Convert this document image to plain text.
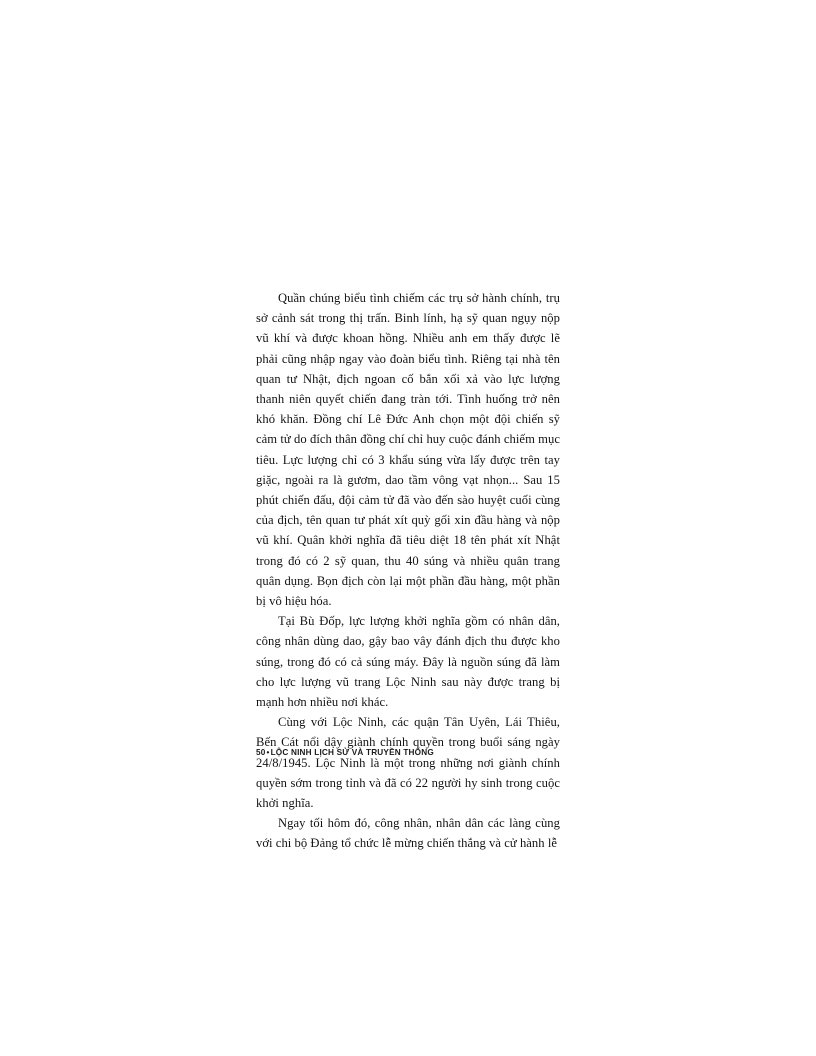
Quần chúng biểu tình chiếm các trụ sở hành chính, trụ sở cảnh sát trong thị trấn. Binh lính, hạ sỹ quan ngụy nộp vũ khí và được khoan hồng. Nhiều anh em thấy được lẽ phải cũng nhập ngay vào đoàn biểu tình. Riêng tại nhà tên quan tư Nhật, địch ngoan cố bắn xối xả vào lực lượng thanh niên quyết chiến đang tràn tới. Tình huống trở nên khó khăn. Đồng chí Lê Đức Anh chọn một đội chiến sỹ cảm tử do đích thân đồng chí chỉ huy cuộc đánh chiếm mục tiêu. Lực lượng chỉ có 3 khẩu súng vừa lấy được trên tay giặc, ngoài ra là gươm, dao tầm vông vạt nhọn... Sau 15 phút chiến đấu, đội cảm tử đã vào đến sào huyệt cuối cùng của địch, tên quan tư phát xít quỳ gối xin đầu hàng và nộp vũ khí. Quân khởi nghĩa đã tiêu diệt 18 tên phát xít Nhật trong đó có 2 sỹ quan, thu 40 súng và nhiều quân trang quân dụng. Bọn địch còn lại một phần đầu hàng, một phần bị vô hiệu hóa.

Tại Bù Đốp, lực lượng khởi nghĩa gồm có nhân dân, công nhân dùng dao, gậy bao vây đánh địch thu được kho súng, trong đó có cả súng máy. Đây là nguồn súng đã làm cho lực lượng vũ trang Lộc Ninh sau này được trang bị mạnh hơn nhiều nơi khác.

Cùng với Lộc Ninh, các quận Tân Uyên, Lái Thiêu, Bến Cát nổi dậy giành chính quyền trong buổi sáng ngày 24/8/1945. Lộc Ninh là một trong những nơi giành chính quyền sớm trong tỉnh và đã có 22 người hy sinh trong cuộc khởi nghĩa.

Ngay tối hôm đó, công nhân, nhân dân các làng cùng với chi bộ Đảng tổ chức lễ mừng chiến thắng và cử hành lễ

50•LỘC NINH LỊCH SỬ VÀ TRUYỀN THỐNG
